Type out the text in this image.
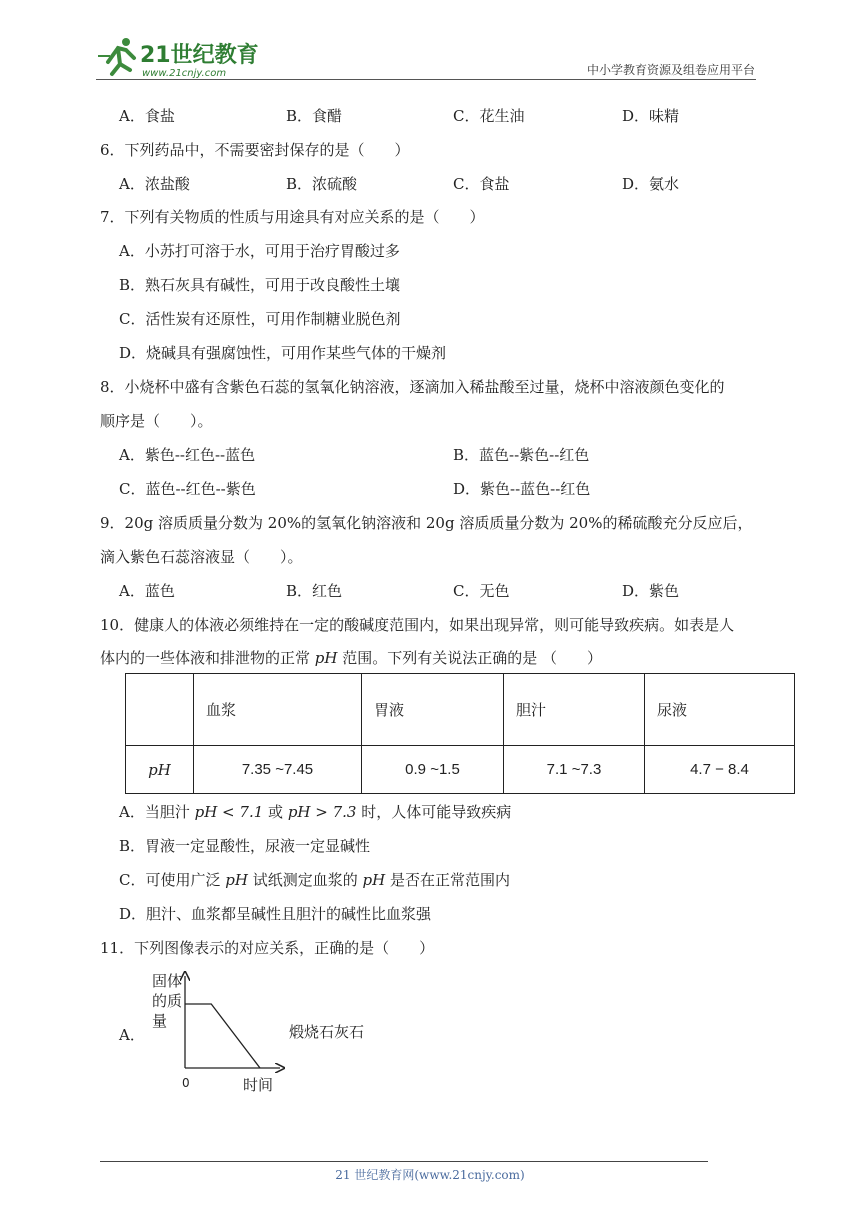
21世纪教育
www.21cnjy.com	中小学教育资源及组卷应用平台
A．食盐	B．食醋	C．花生油	D．味精
6．下列药品中，不需要密封保存的是（　　）
A．浓盐酸	B．浓硫酸	C．食盐	D．氨水
7．下列有关物质的性质与用途具有对应关系的是（　　）
A．小苏打可溶于水，可用于治疗胃酸过多
B．熟石灰具有碱性，可用于改良酸性土壤
C．活性炭有还原性，可用作制糖业脱色剂
D．烧碱具有强腐蚀性，可用作某些气体的干燥剂
8．小烧杯中盛有含紫色石蕊的氢氧化钠溶液，逐滴加入稀盐酸至过量，烧杯中溶液颜色变化的
顺序是（　　）。
A．紫色--红色--蓝色	B．蓝色--紫色--红色
C．蓝色--红色--紫色	D．紫色--蓝色--红色
9．20g 溶质质量分数为 20%的氢氧化钠溶液和 20g 溶质质量分数为 20%的稀硫酸充分反应后，
滴入紫色石蕊溶液显（　　）。
A．蓝色	B．红色	C．无色	D．紫色
10．健康人的体液必须维持在一定的酸碱度范围内，如果出现异常，则可能导致疾病。如表是人
体内的一些体液和排泄物的正常 pH 范围。下列有关说法正确的是 （　　）
	血浆	胃液	胆汁	尿液
pH	7.35 ~7.45	0.9 ~1.5	7.1 ~7.3	4.7 − 8.4
A．当胆汁 pH < 7.1 或 pH > 7.3 时，人体可能导致疾病
B．胃液一定显酸性，尿液一定显碱性
C．可使用广泛 pH 试纸测定血浆的 pH 是否在正常范围内
D．胆汁、血浆都呈碱性且胆汁的碱性比血浆强
11．下列图像表示的对应关系，正确的是（　　）
A．
固体
的质
量
0	时间
煅烧石灰石
21 世纪教育网(www.21cnjy.com)
